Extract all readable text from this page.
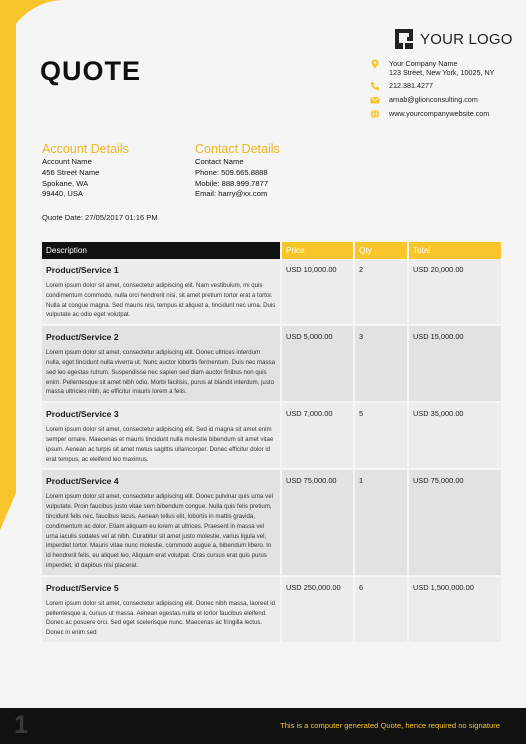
QUOTE
YOUR LOGO
Your Company Name
123 Street, New York, 10025, NY
212.381.4277
arnab@glionconsulting.com
www.yourcompanywebsite.com
Account Details
Account Name
456 Street Name
Spokane, WA
99440, USA
Contact Details
Contact Name
Phone: 509.665.8888
Mobile: 888.999.7877
Email: harry@xx.com
Quote Date: 27/05/2017 01:16 PM
Description	Price	Qty	Total

Product/Service 1
Lorem ipsum dolor sit amet, consectetur adipiscing elit. Nam vestibulum, mi quis condimentum commodo, nulla orci hendrerit nisi, sit amet pretium tortor erat a tortor. Nulla at congue magna. Sed mauris nisi, tempus id aliquet a, tincidunt nec urna. Duis vulputate ac odio eget volutpat.	USD 10,000.00	2	USD 20,000.00

Product/Service 2
Lorem ipsum dolor sit amet, consectetur adipiscing elit. Donec ultrices interdum nulla, eget tincidunt nulla viverra ut. Nunc auctor lobortis fermentum. Duis nec massa sed leo egestas rutrum. Suspendisse nec sapien sed diam auctor finibus non quis enim. Pellentesque sit amet nibh odio. Morbi facilisis, purus at blandit interdum, justo massa ultricies nibh, ac efficitur mauris lorem a felis.	USD 5,000.00	3	USD 15,000.00

Product/Service 3
Lorem ipsum dolor sit amet, consectetur adipiscing elit. Sed id magna sit amet enim semper ornare. Maecenas et mauris tincidunt nulla molestie bibendum sit amet vitae ipsum. Aenean ac turpis sit amet metus sagittis ullamcorper. Donec efficitur dolor id erat tempus, ac eleifend leo maximus.	USD 7,000.00	5	USD 35,000.00

Product/Service 4
Lorem ipsum dolor sit amet, consectetur adipiscing elit. Donec pulvinar quis urna vel vulputate. Proin faucibus justo vitae sem bibendum congue. Nulla quis felis pretium, tincidunt felis nec, faucibus lacus. Aenean tellus elit, lobortis in mattis gravida, condimentum ac dolor. Etiam aliquam eu lorem at ultrices. Praesent in massa vel urna iaculis sodales vel at nibh. Curabitur sit amet justo molestie, varius ligula vel, imperdiet tortor. Mauris vitae nunc molestie, commodo augue a, bibendum libero. In id hendrerit felis, eu aliquet leo. Aliquam erat volutpat. Cras cursus erat quis purus imperdiet, id dapibus nisi placerat.	USD 75,000.00	1	USD 75,000.00

Product/Service 5
Lorem ipsum dolor sit amet, consectetur adipiscing elit. Donec nibh massa, laoreet id pellentesque a, cursus ut massa. Aenean egestas nulla et tortor faucibus eleifend. Donec ac posuere orci. Sed eget scelerisque nunc. Maecenas ac fringilla lectus. Donec in enim sed	USD 250,000.00	6	USD 1,500,000.00
1	This is a computer generated Quote, hence required no signature
